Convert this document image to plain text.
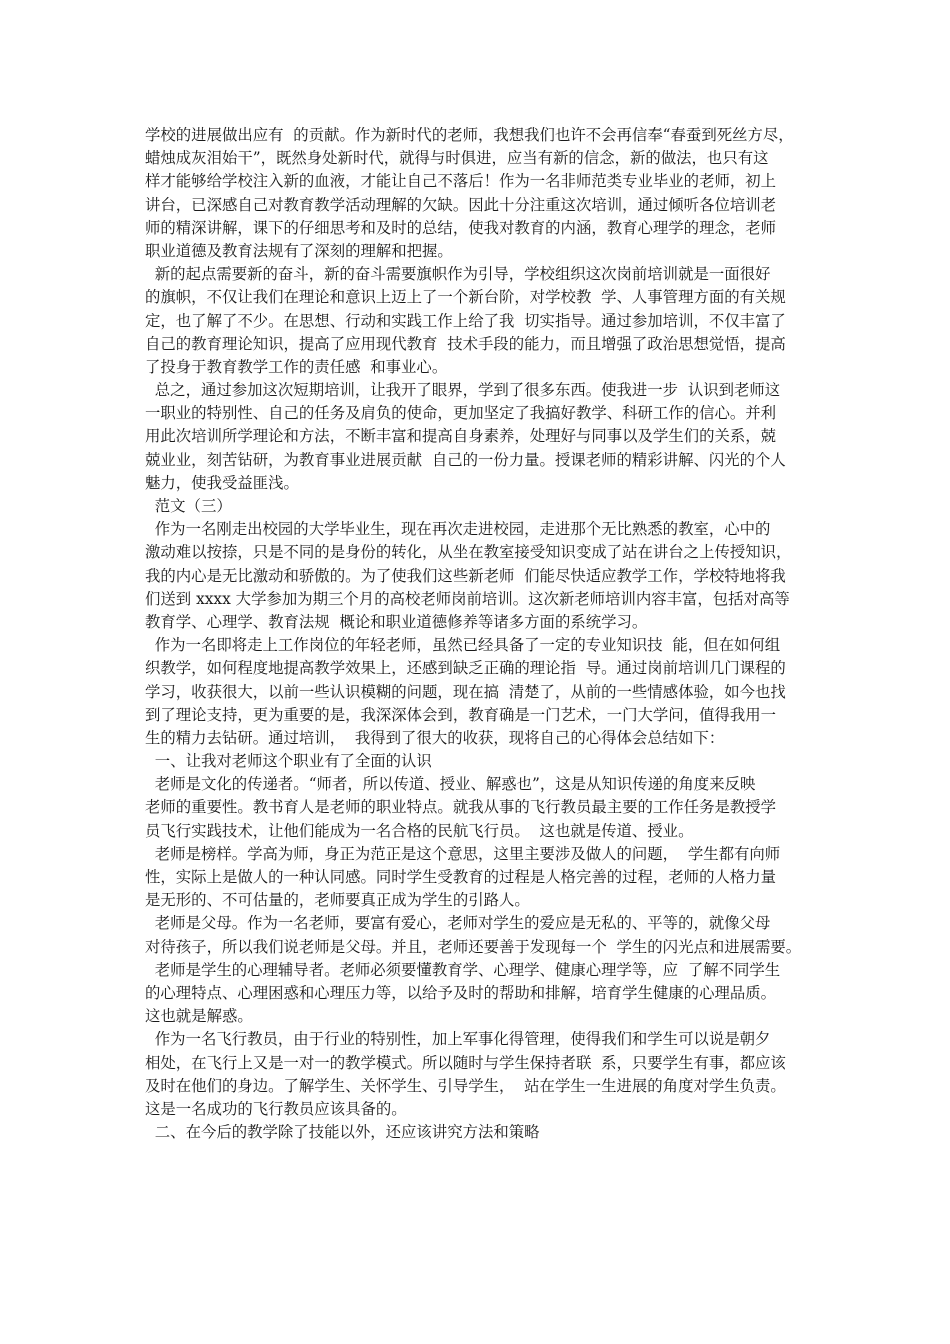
学校的进展做出应有  的贡献。作为新时代的老师，我想我们也许不会再信奉“春蚕到死丝方尽，
蜡烛成灰泪始干”，既然身处新时代，就得与时俱进，应当有新的信念，新的做法，也只有这
样才能够给学校注入新的血液，才能让自己不落后！作为一名非师范类专业毕业的老师，初上
讲台，已深感自己对教育教学活动理解的欠缺。因此十分注重这次培训，通过倾听各位培训老
师的精深讲解，课下的仔细思考和及时的总结，使我对教育的内涵，教育心理学的理念，老师
职业道德及教育法规有了深刻的理解和把握。
新的起点需要新的奋斗，新的奋斗需要旗帜作为引导，学校组织这次岗前培训就是一面很好
的旗帜，不仅让我们在理论和意识上迈上了一个新台阶，对学校教  学、人事管理方面的有关规
定，也了解了不少。在思想、行动和实践工作上给了我  切实指导。通过参加培训，不仅丰富了
自己的教育理论知识，提高了应用现代教育  技术手段的能力，而且增强了政治思想觉悟，提高
了投身于教育教学工作的责任感  和事业心。
总之，通过参加这次短期培训，让我开了眼界，学到了很多东西。使我进一步  认识到老师这
一职业的特别性、自己的任务及肩负的使命，更加坚定了我搞好教学、科研工作的信心。并利
用此次培训所学理论和方法，不断丰富和提高自身素养，处理好与同事以及学生们的关系，兢
兢业业，刻苦钻研，为教育事业进展贡献  自己的一份力量。授课老师的精彩讲解、闪光的个人
魅力，使我受益匪浅。
范文（三）
作为一名刚走出校园的大学毕业生，现在再次走进校园，走进那个无比熟悉的教室，心中的
激动难以按捺，只是不同的是身份的转化，从坐在教室接受知识变成了站在讲台之上传授知识，
我的内心是无比激动和骄傲的。为了使我们这些新老师  们能尽快适应教学工作，学校特地将我
们送到 xxxx 大学参加为期三个月的高校老师岗前培训。这次新老师培训内容丰富，包括对高等
教育学、心理学、教育法规  概论和职业道德修养等诸多方面的系统学习。
作为一名即将走上工作岗位的年轻老师，虽然已经具备了一定的专业知识技  能，但在如何组
织教学，如何程度地提高教学效果上，还感到缺乏正确的理论指  导。通过岗前培训几门课程的
学习，收获很大，以前一些认识模糊的问题，现在搞  清楚了，从前的一些情感体验，如今也找
到了理论支持，更为重要的是，我深深体会到，教育确是一门艺术，一门大学问，值得我用一
生的精力去钻研。通过培训，  我得到了很大的收获，现将自己的心得体会总结如下：
一、让我对老师这个职业有了全面的认识
老师是文化的传递者。“师者，所以传道、授业、解惑也”，这是从知识传递的角度来反映
老师的重要性。教书育人是老师的职业特点。就我从事的飞行教员最主要的工作任务是教授学
员飞行实践技术，让他们能成为一名合格的民航飞行员。  这也就是传道、授业。
老师是榜样。学高为师，身正为范正是这个意思，这里主要涉及做人的问题，  学生都有向师
性，实际上是做人的一种认同感。同时学生受教育的过程是人格完善的过程，老师的人格力量
是无形的、不可估量的，老师要真正成为学生的引路人。
老师是父母。作为一名老师，要富有爱心，老师对学生的爱应是无私的、平等的，就像父母
对待孩子，所以我们说老师是父母。并且，老师还要善于发现每一个  学生的闪光点和进展需要。
老师是学生的心理辅导者。老师必须要懂教育学、心理学、健康心理学等，应  了解不同学生
的心理特点、心理困惑和心理压力等，以给予及时的帮助和排解，培育学生健康的心理品质。
这也就是解惑。
作为一名飞行教员，由于行业的特别性，加上军事化得管理，使得我们和学生可以说是朝夕
相处，在飞行上又是一对一的教学模式。所以随时与学生保持者联  系，只要学生有事，都应该
及时在他们的身边。了解学生、关怀学生、引导学生，  站在学生一生进展的角度对学生负责。
这是一名成功的飞行教员应该具备的。
二、在今后的教学除了技能以外，还应该讲究方法和策略
